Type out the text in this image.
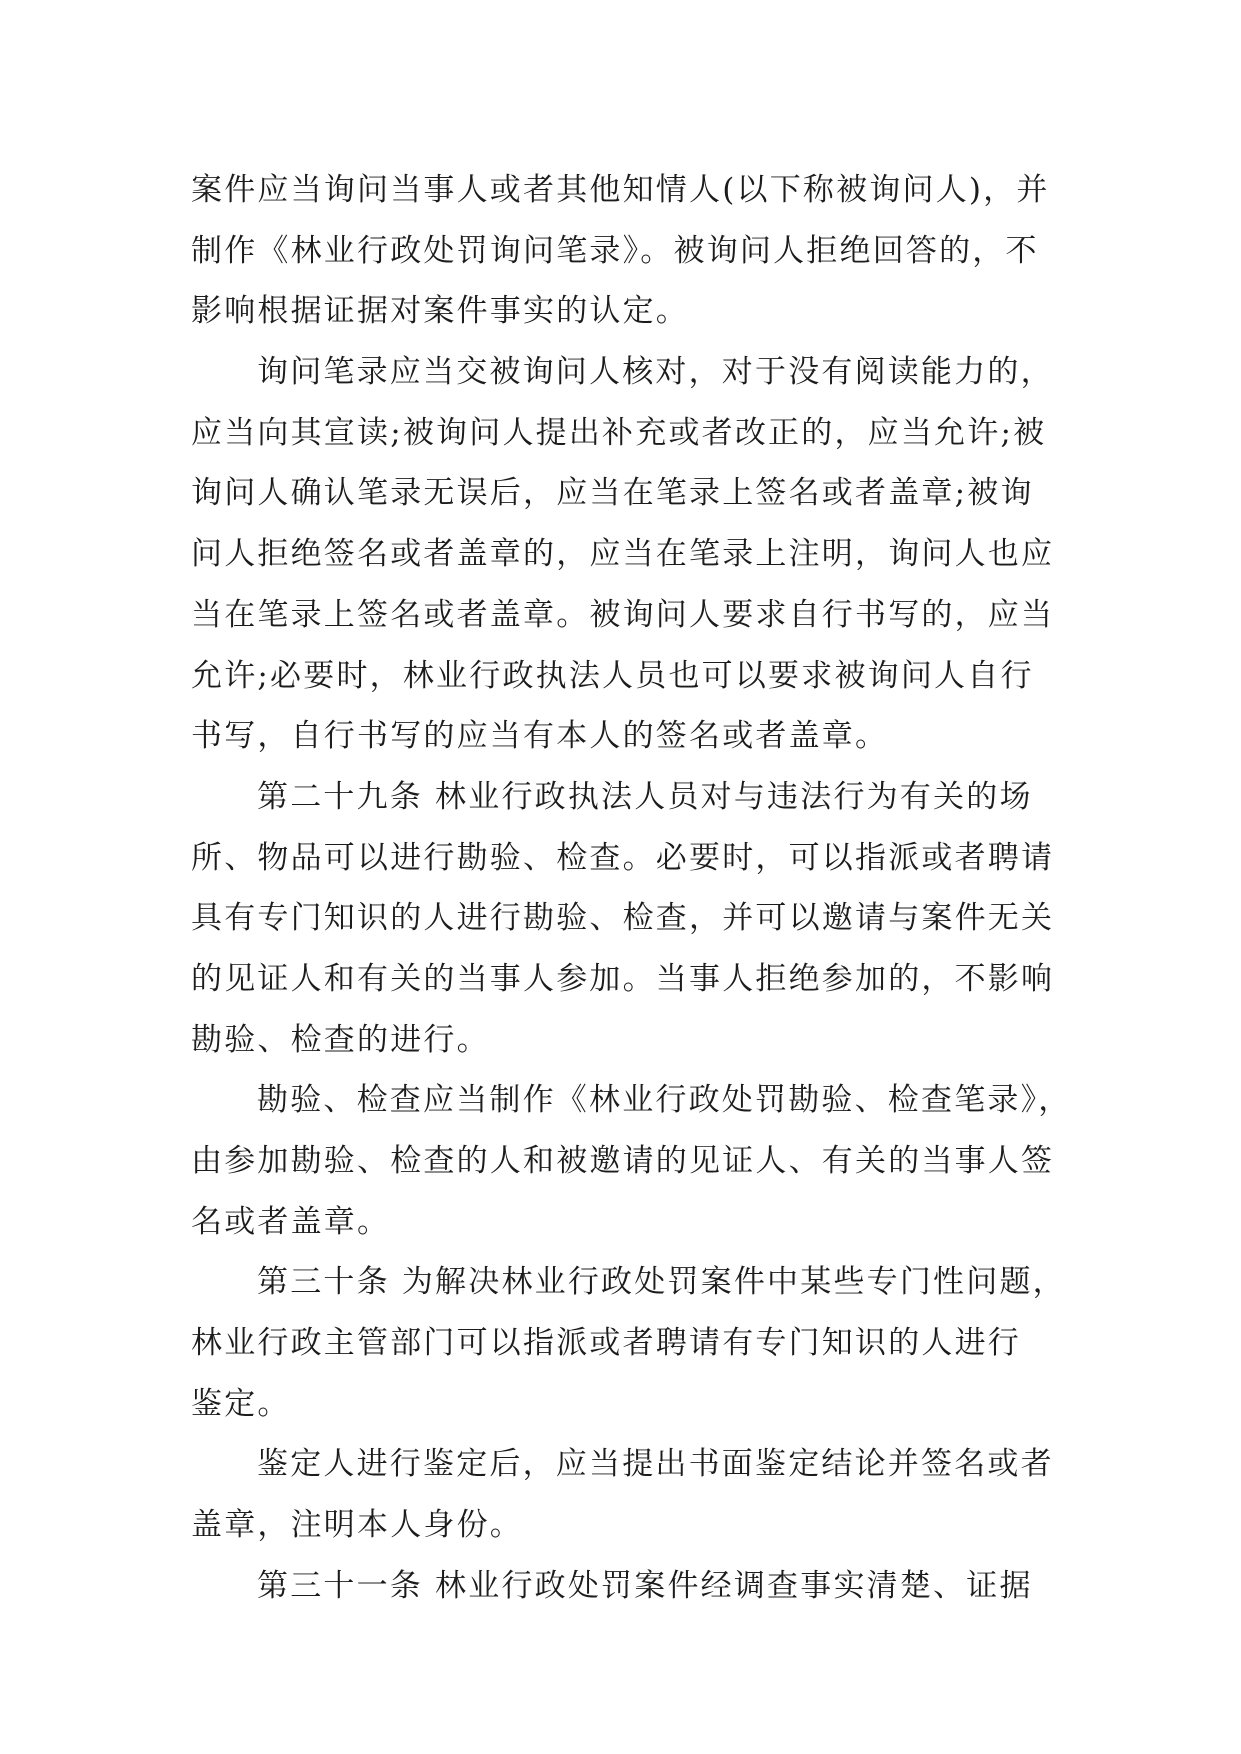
案件应当询问当事人或者其他知情人(以下称被询问人)，并
制作《林业行政处罚询问笔录》。被询问人拒绝回答的，不
影响根据证据对案件事实的认定。
询问笔录应当交被询问人核对，对于没有阅读能力的，
应当向其宣读;被询问人提出补充或者改正的，应当允许;被
询问人确认笔录无误后，应当在笔录上签名或者盖章;被询
问人拒绝签名或者盖章的，应当在笔录上注明，询问人也应
当在笔录上签名或者盖章。被询问人要求自行书写的，应当
允许;必要时，林业行政执法人员也可以要求被询问人自行
书写，自行书写的应当有本人的签名或者盖章。
第二十九条 林业行政执法人员对与违法行为有关的场
所、物品可以进行勘验、检查。必要时，可以指派或者聘请
具有专门知识的人进行勘验、检查，并可以邀请与案件无关
的见证人和有关的当事人参加。当事人拒绝参加的，不影响
勘验、检查的进行。
勘验、检查应当制作《林业行政处罚勘验、检查笔录》，
由参加勘验、检查的人和被邀请的见证人、有关的当事人签
名或者盖章。
第三十条 为解决林业行政处罚案件中某些专门性问题，
林业行政主管部门可以指派或者聘请有专门知识的人进行
鉴定。
鉴定人进行鉴定后，应当提出书面鉴定结论并签名或者
盖章，注明本人身份。
第三十一条 林业行政处罚案件经调查事实清楚、证据
